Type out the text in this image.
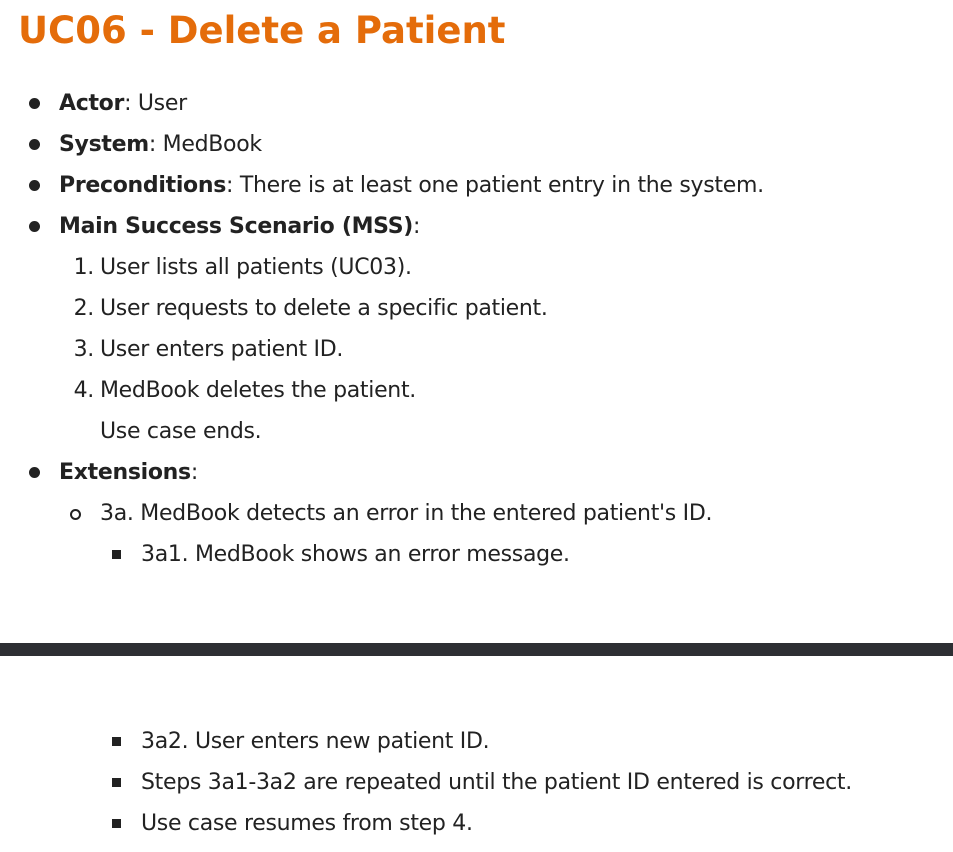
UC06 - Delete a Patient
Actor: User
System: MedBook
Preconditions: There is at least one patient entry in the system.
Main Success Scenario (MSS):
1. User lists all patients (UC03).
2. User requests to delete a specific patient.
3. User enters patient ID.
4. MedBook deletes the patient.
Use case ends.
Extensions:
3a. MedBook detects an error in the entered patient's ID.
3a1. MedBook shows an error message.
3a2. User enters new patient ID.
Steps 3a1-3a2 are repeated until the patient ID entered is correct.
Use case resumes from step 4.
